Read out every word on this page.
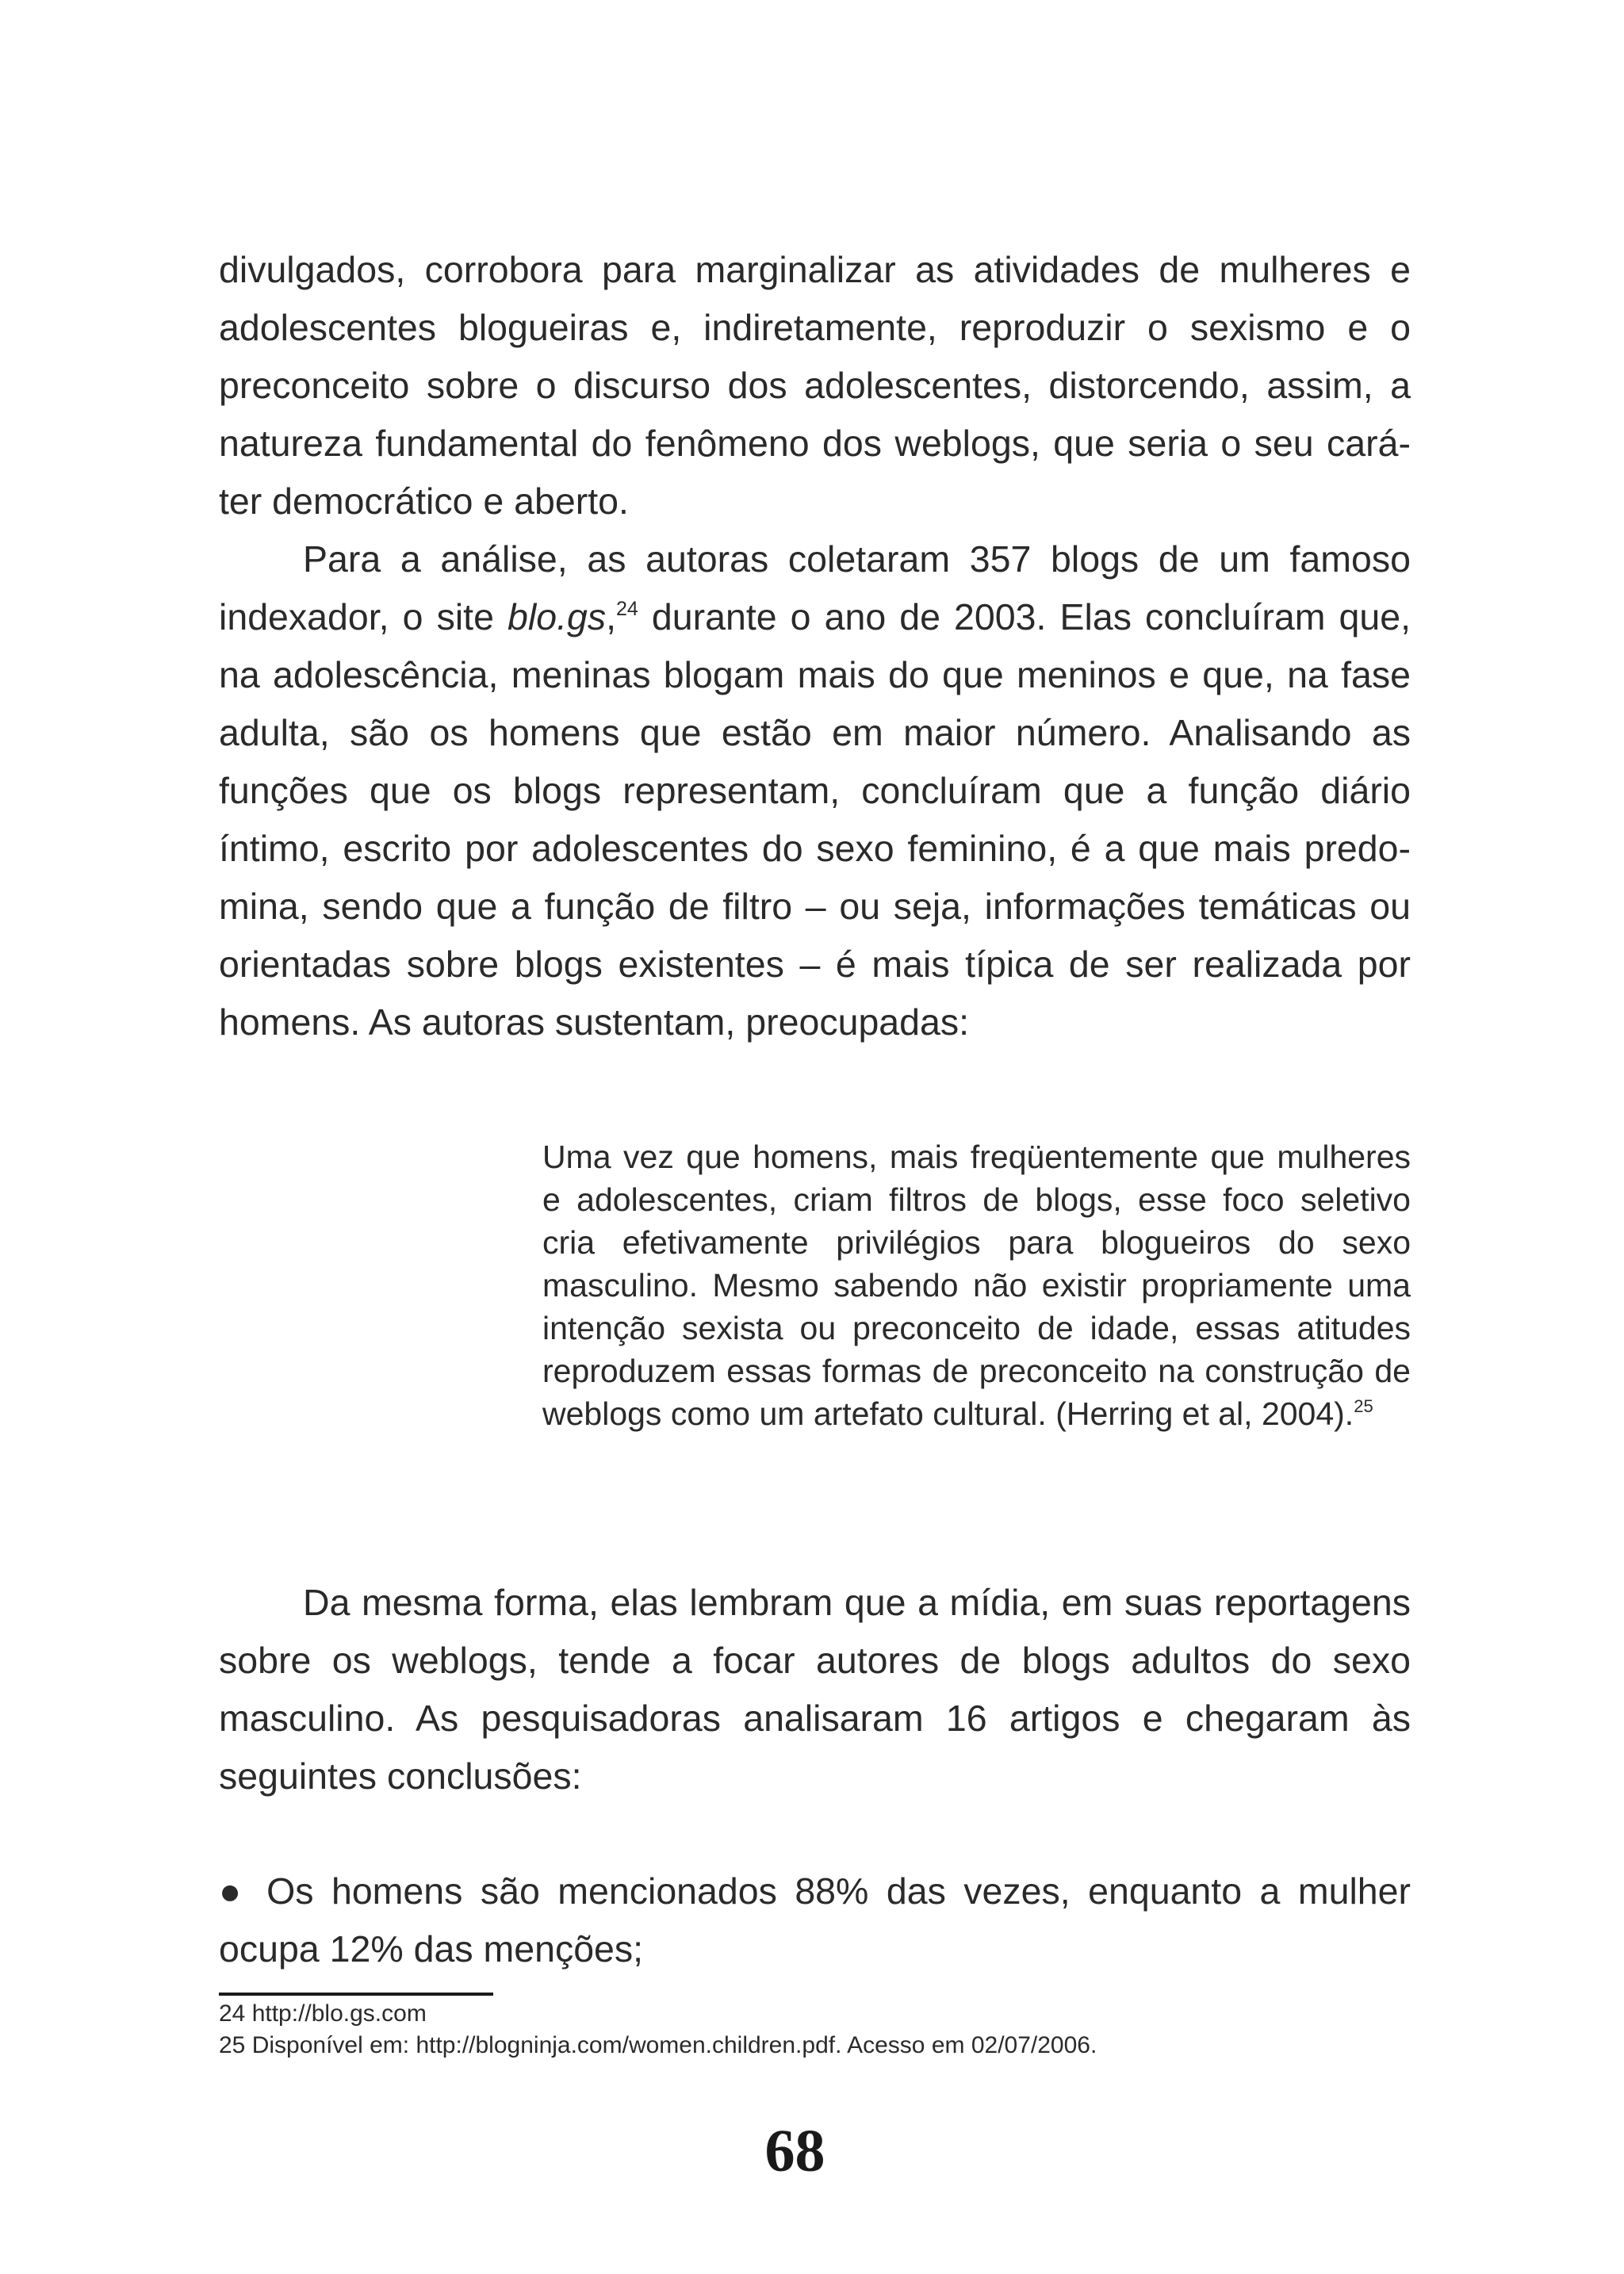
divulgados, corrobora para marginalizar as atividades de mulheres e adolescentes blogueiras e, indiretamente, reproduzir o sexismo e o preconceito sobre o discurso dos adolescentes, distorcendo, assim, a natureza fundamental do fenômeno dos weblogs, que seria o seu cará-ter democrático e aberto.

Para a análise, as autoras coletaram 357 blogs de um famoso indexador, o site blo.gs,$^{24}$ durante o ano de 2003. Elas concluíram que, na adolescência, meninas blogam mais do que meninos e que, na fase adulta, são os homens que estão em maior número. Analisando as funções que os blogs representam, concluíram que a função diário íntimo, escrito por adolescentes do sexo feminino, é a que mais predo-mina, sendo que a função de filtro – ou seja, informações temáticas ou orientadas sobre blogs existentes – é mais típica de ser realizada por homens. As autoras sustentam, preocupadas:

Uma vez que homens, mais freqüentemente que mulheres e adolescentes, criam filtros de blogs, esse foco seletivo cria efetivamente privilégios para blogueiros do sexo masculino. Mesmo sabendo não existir propriamente uma intenção sexista ou preconceito de idade, essas atitudes reproduzem essas formas de preconceito na construção de weblogs como um artefato cultural. (Herring et al, 2004).$^{25}$

Da mesma forma, elas lembram que a mídia, em suas reportagens sobre os weblogs, tende a focar autores de blogs adultos do sexo masculino. As pesquisadoras analisaram 16 artigos e chegaram às seguintes conclusões:

● Os homens são mencionados 88% das vezes, enquanto a mulher ocupa 12% das menções;

24 http://blo.gs.com
25 Disponível em: http://blogninja.com/women.children.pdf. Acesso em 02/07/2006.
68
